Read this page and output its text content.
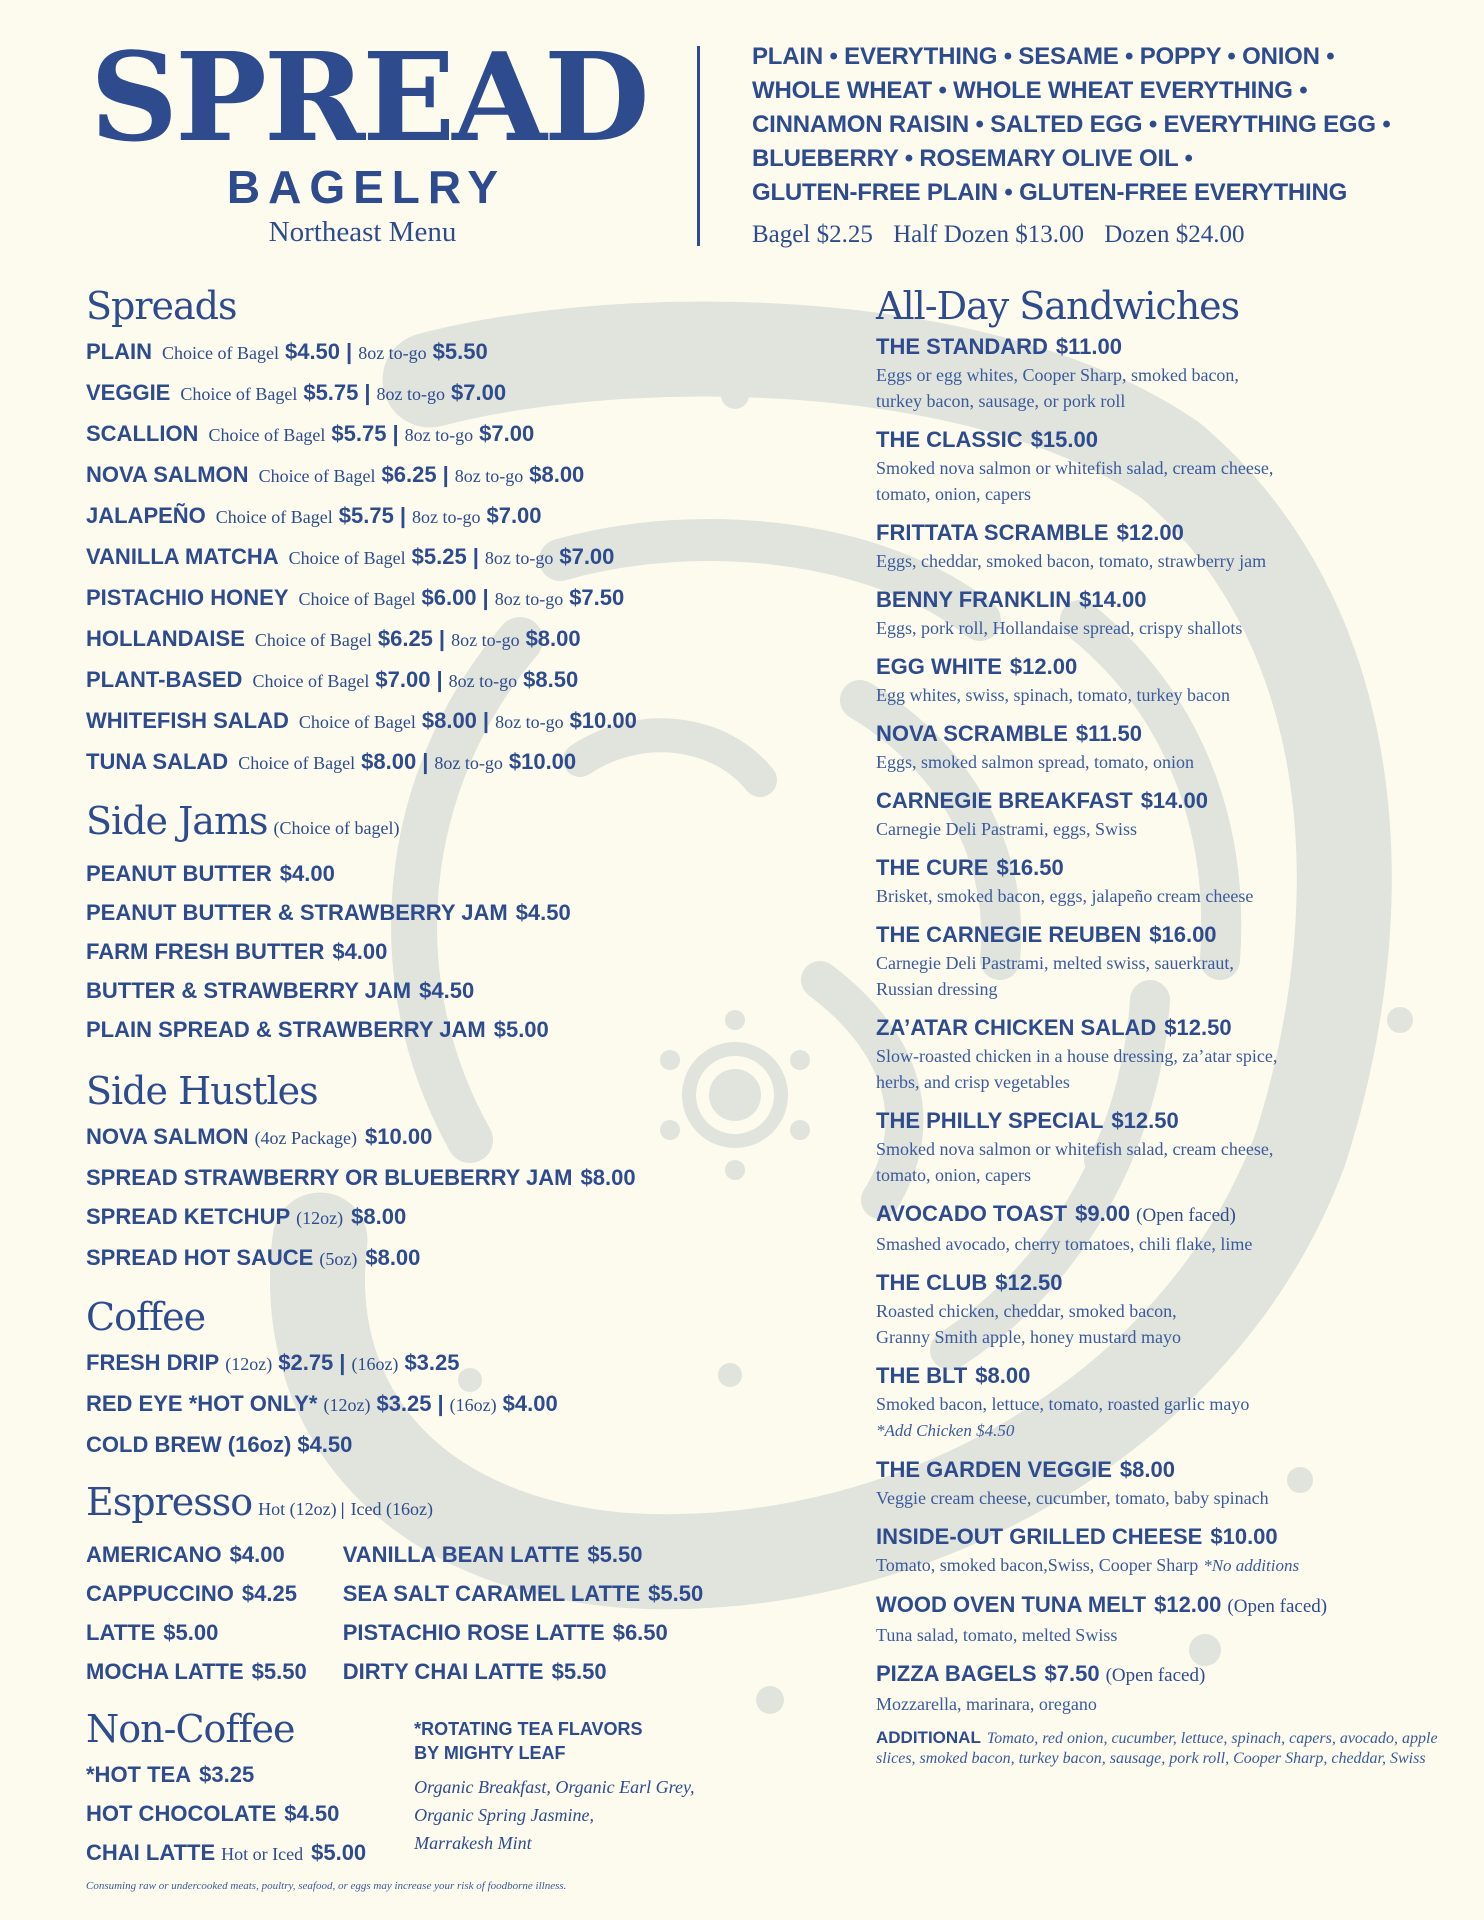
SPREAD
BAGELRY
Northeast Menu
PLAIN • EVERYTHING • SESAME • POPPY • ONION •
WHOLE WHEAT • WHOLE WHEAT EVERYTHING •
CINNAMON RAISIN • SALTED EGG • EVERYTHING EGG •
BLUEBERRY • ROSEMARY OLIVE OIL •
GLUTEN-FREE PLAIN • GLUTEN-FREE EVERYTHING
Bagel $2.25 Half Dozen $13.00 Dozen $24.00
Spreads
PLAIN Choice of Bagel $4.50 | 8oz to-go $5.50
VEGGIE Choice of Bagel $5.75 | 8oz to-go $7.00
SCALLION Choice of Bagel $5.75 | 8oz to-go $7.00
NOVA SALMON Choice of Bagel $6.25 | 8oz to-go $8.00
JALAPEÑO Choice of Bagel $5.75 | 8oz to-go $7.00
VANILLA MATCHA Choice of Bagel $5.25 | 8oz to-go $7.00
PISTACHIO HONEY Choice of Bagel $6.00 | 8oz to-go $7.50
HOLLANDAISE Choice of Bagel $6.25 | 8oz to-go $8.00
PLANT-BASED Choice of Bagel $7.00 | 8oz to-go $8.50
WHITEFISH SALAD Choice of Bagel $8.00 | 8oz to-go $10.00
TUNA SALAD Choice of Bagel $8.00 | 8oz to-go $10.00
Side Jams (Choice of bagel)
PEANUT BUTTER $4.00
PEANUT BUTTER & STRAWBERRY JAM $4.50
FARM FRESH BUTTER $4.00
BUTTER & STRAWBERRY JAM $4.50
PLAIN SPREAD & STRAWBERRY JAM $5.00
Side Hustles
NOVA SALMON (4oz Package) $10.00
SPREAD STRAWBERRY OR BLUEBERRY JAM $8.00
SPREAD KETCHUP (12oz) $8.00
SPREAD HOT SAUCE (5oz) $8.00
Coffee
FRESH DRIP (12oz) $2.75 | (16oz) $3.25
RED EYE *HOT ONLY* (12oz) $3.25 | (16oz) $4.00
COLD BREW (16oz) $4.50
Espresso Hot (12oz) | Iced (16oz)
AMERICANO $4.00
CAPPUCCINO $4.25
LATTE $5.00
MOCHA LATTE $5.50
VANILLA BEAN LATTE $5.50
SEA SALT CARAMEL LATTE $5.50
PISTACHIO ROSE LATTE $6.50
DIRTY CHAI LATTE $5.50
Non-Coffee
*HOT TEA $3.25
HOT CHOCOLATE $4.50
CHAI LATTE Hot or Iced $5.00
*ROTATING TEA FLAVORS
BY MIGHTY LEAF
Organic Breakfast, Organic Earl Grey,
Organic Spring Jasmine,
Marrakesh Mint
All-Day Sandwiches
THE STANDARD $11.00
Eggs or egg whites, Cooper Sharp, smoked bacon,
turkey bacon, sausage, or pork roll
THE CLASSIC $15.00
Smoked nova salmon or whitefish salad, cream cheese,
tomato, onion, capers
FRITTATA SCRAMBLE $12.00
Eggs, cheddar, smoked bacon, tomato, strawberry jam
BENNY FRANKLIN $14.00
Eggs, pork roll, Hollandaise spread, crispy shallots
EGG WHITE $12.00
Egg whites, swiss, spinach, tomato, turkey bacon
NOVA SCRAMBLE $11.50
Eggs, smoked salmon spread, tomato, onion
CARNEGIE BREAKFAST $14.00
Carnegie Deli Pastrami, eggs, Swiss
THE CURE $16.50
Brisket, smoked bacon, eggs, jalapeño cream cheese
THE CARNEGIE REUBEN $16.00
Carnegie Deli Pastrami, melted swiss, sauerkraut,
Russian dressing
ZA’ATAR CHICKEN SALAD $12.50
Slow-roasted chicken in a house dressing, za’atar spice,
herbs, and crisp vegetables
THE PHILLY SPECIAL $12.50
Smoked nova salmon or whitefish salad, cream cheese,
tomato, onion, capers
AVOCADO TOAST $9.00 (Open faced)
Smashed avocado, cherry tomatoes, chili flake, lime
THE CLUB $12.50
Roasted chicken, cheddar, smoked bacon,
Granny Smith apple, honey mustard mayo
THE BLT $8.00
Smoked bacon, lettuce, tomato, roasted garlic mayo
*Add Chicken $4.50
THE GARDEN VEGGIE $8.00
Veggie cream cheese, cucumber, tomato, baby spinach
INSIDE-OUT GRILLED CHEESE $10.00
Tomato, smoked bacon,Swiss, Cooper Sharp *No additions
WOOD OVEN TUNA MELT $12.00 (Open faced)
Tuna salad, tomato, melted Swiss
PIZZA BAGELS $7.50 (Open faced)
Mozzarella, marinara, oregano
ADDITIONAL Tomato, red onion, cucumber, lettuce, spinach, capers, avocado, apple slices, smoked bacon, turkey bacon, sausage, pork roll, Cooper Sharp, cheddar, Swiss
Consuming raw or undercooked meats, poultry, seafood, or eggs may increase your risk of foodborne illness.
